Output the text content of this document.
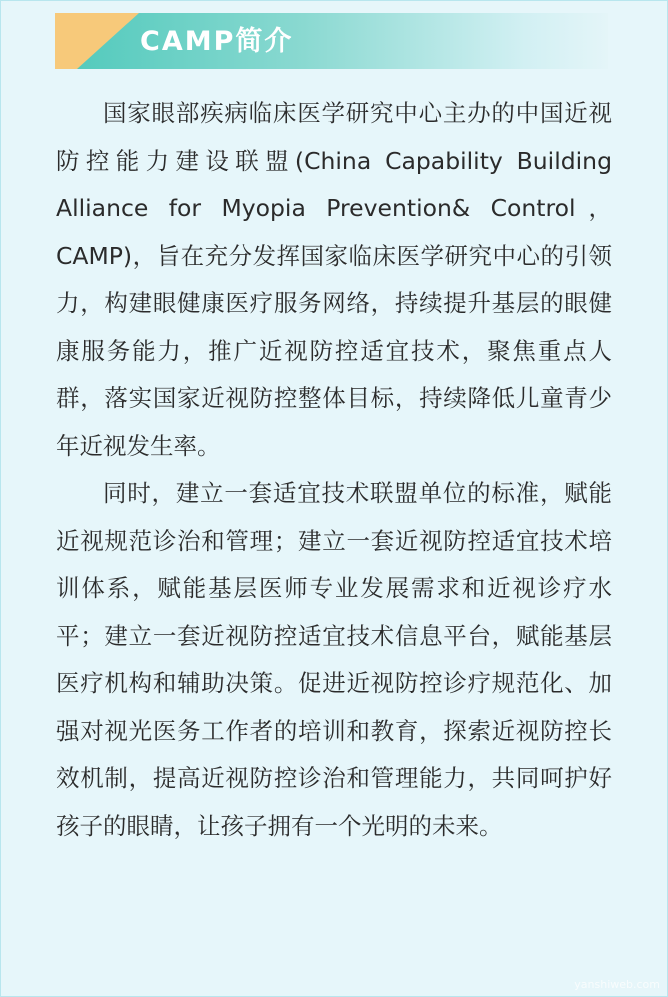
CAMP简介

国家眼部疾病临床医学研究中心主办的中国近视防控能力建设联盟(China Capability Building Alliance for Myopia Prevention& Control，CAMP)，旨在充分发挥国家临床医学研究中心的引领力，构建眼健康医疗服务网络，持续提升基层的眼健康服务能力，推广近视防控适宜技术，聚焦重点人群，落实国家近视防控整体目标，持续降低儿童青少年近视发生率。

同时，建立一套适宜技术联盟单位的标准，赋能近视规范诊治和管理；建立一套近视防控适宜技术培训体系，赋能基层医师专业发展需求和近视诊疗水平；建立一套近视防控适宜技术信息平台，赋能基层医疗机构和辅助决策。促进近视防控诊疗规范化、加强对视光医务工作者的培训和教育，探索近视防控长效机制，提高近视防控诊治和管理能力，共同呵护好孩子的眼睛，让孩子拥有一个光明的未来。

yanshiweb.com
